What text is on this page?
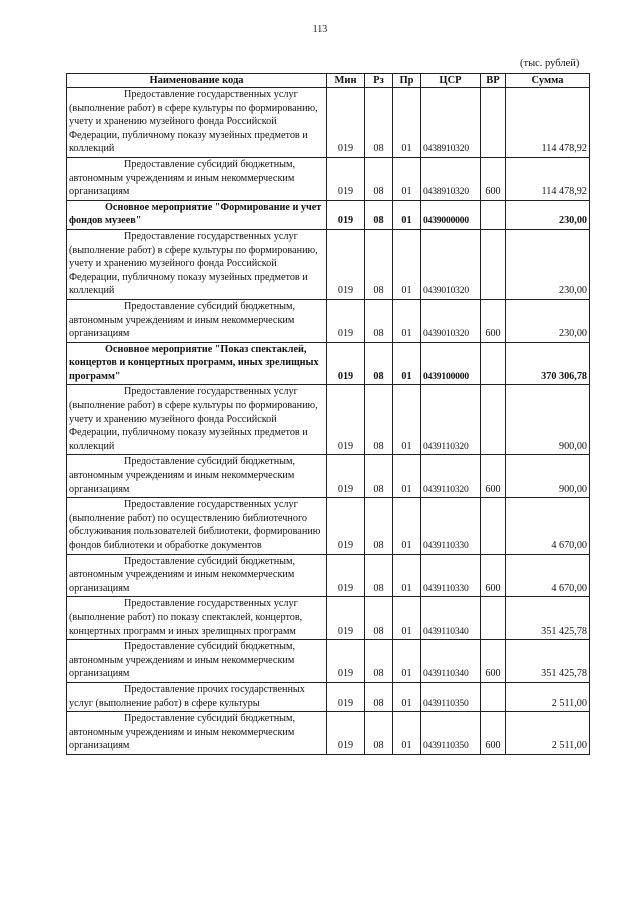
113
(тыс. рублей)
Наименование кода	Мин	Рз	Пр	ЦСР	ВР	Сумма
Предоставление государственных услуг (выполнение работ) в сфере культуры по формированию, учету и хранению музейного фонда Российской Федерации, публичному показу музейных предметов и коллекций	019	08	01	0438910320		114 478,92
Предоставление субсидий бюджетным, автономным учреждениям и иным некоммерческим организациям	019	08	01	0438910320	600	114 478,92
Основное мероприятие "Формирование и учет фондов музеев"	019	08	01	0439000000		230,00
Предоставление государственных услуг (выполнение работ) в сфере культуры по формированию, учету и хранению музейного фонда Российской Федерации, публичному показу музейных предметов и коллекций	019	08	01	0439010320		230,00
Предоставление субсидий бюджетным, автономным учреждениям и иным некоммерческим организациям	019	08	01	0439010320	600	230,00
Основное мероприятие "Показ спектаклей, концертов и концертных программ, иных зрелищных программ"	019	08	01	0439100000		370 306,78
Предоставление государственных услуг (выполнение работ) в сфере культуры по формированию, учету и хранению музейного фонда Российской Федерации, публичному показу музейных предметов и коллекций	019	08	01	0439110320		900,00
Предоставление субсидий бюджетным, автономным учреждениям и иным некоммерческим организациям	019	08	01	0439110320	600	900,00
Предоставление государственных услуг (выполнение работ) по осуществлению библиотечного обслуживания пользователей библиотеки, формированию фондов библиотеки и обработке документов	019	08	01	0439110330		4 670,00
Предоставление субсидий бюджетным, автономным учреждениям и иным некоммерческим организациям	019	08	01	0439110330	600	4 670,00
Предоставление государственных услуг (выполнение работ) по показу спектаклей, концертов, концертных программ и иных зрелищных программ	019	08	01	0439110340		351 425,78
Предоставление субсидий бюджетным, автономным учреждениям и иным некоммерческим организациям	019	08	01	0439110340	600	351 425,78
Предоставление прочих государственных услуг (выполнение работ) в сфере культуры	019	08	01	0439110350		2 511,00
Предоставление субсидий бюджетным, автономным учреждениям и иным некоммерческим организациям	019	08	01	0439110350	600	2 511,00
